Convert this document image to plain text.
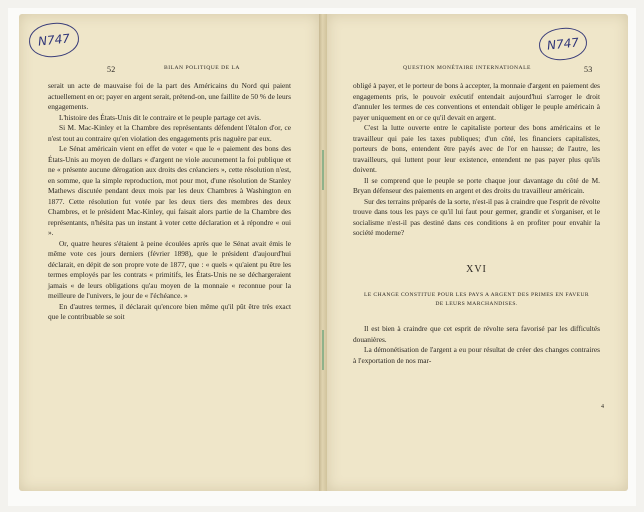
N747
52	BILAN POLITIQUE DE LA

serait un acte de mauvaise foi de la part des Américains du Nord qui paient actuellement en or; payer en argent serait, prétend-on, une faillite de 50 % de leurs engagements.

L'histoire des États-Unis dit le contraire et le peuple partage cet avis.

Si M. Mac-Kinley et la Chambre des représentants défendent l'étalon d'or, ce n'est tout au contraire qu'en violation des engagements pris naguère par eux.

Le Sénat américain vient en effet de voter « que le « paiement des bons des États-Unis au moyen de dollars « d'argent ne viole aucunement la foi publique et ne « présente aucune dérogation aux droits des créanciers », cette résolution n'est, en somme, que la simple reproduction, mot pour mot, d'une résolution de Stanley Mathews discutée pendant deux mois par les deux Chambres à Washington en 1877. Cette résolution fut votée par les deux tiers des membres des deux Chambres, et le président Mac-Kinley, qui faisait alors partie de la Chambre des représentants, n'hésita pas un instant à voter cette déclaration et à répondre « oui ».

Or, quatre heures s'étaient à peine écoulées après que le Sénat avait émis le même vote ces jours derniers (février 1898), que le président d'aujourd'hui déclarait, en dépit de son propre vote de 1877, que : « quels « qu'aient pu être les termes employés par les contrats « primitifs, les États-Unis ne se déchargeraient jamais « de leurs obligations qu'au moyen de la monnaie « reconnue pour la meilleure de l'univers, le jour de « l'échéance. »

En d'autres termes, il déclarait qu'encore bien même qu'il pût être très exact que le contribuable se soit

N747
QUESTION MONÉTAIRE INTERNATIONALE	53

obligé à payer, et le porteur de bons à accepter, la monnaie d'argent en paiement des engagements pris, le pouvoir exécutif entendait aujourd'hui s'arroger le droit d'annuler les termes de ces conventions et entendait obliger le peuple américain à payer uniquement en or ce qu'il devait en argent.

C'est la lutte ouverte entre le capitaliste porteur des bons américains et le travailleur qui paie les taxes publiques; d'un côté, les financiers capitalistes, porteurs de bons, entendent être payés avec de l'or en hausse; de l'autre, les travailleurs, qui luttent pour leur existence, entendent ne pas payer plus qu'ils doivent.

Il se comprend que le peuple se porte chaque jour davantage du côté de M. Bryan défenseur des paiements en argent et des droits du travailleur américain.

Sur des terrains préparés de la sorte, n'est-il pas à craindre que l'esprit de révolte trouve dans tous les pays ce qu'il lui faut pour germer, grandir et s'organiser, et le socialisme n'est-il pas destiné dans ces conditions à en profiter pour envahir la société moderne?

XVI
LE CHANGE CONSTITUE POUR LES PAYS A ARGENT DES PRIMES EN FAVEUR DE LEURS MARCHANDISES.

Il est bien à craindre que cet esprit de révolte sera favorisé par les difficultés douanières.

La démonétisation de l'argent a eu pour résultat de créer des changes contraires à l'exportation de nos mar-

4
